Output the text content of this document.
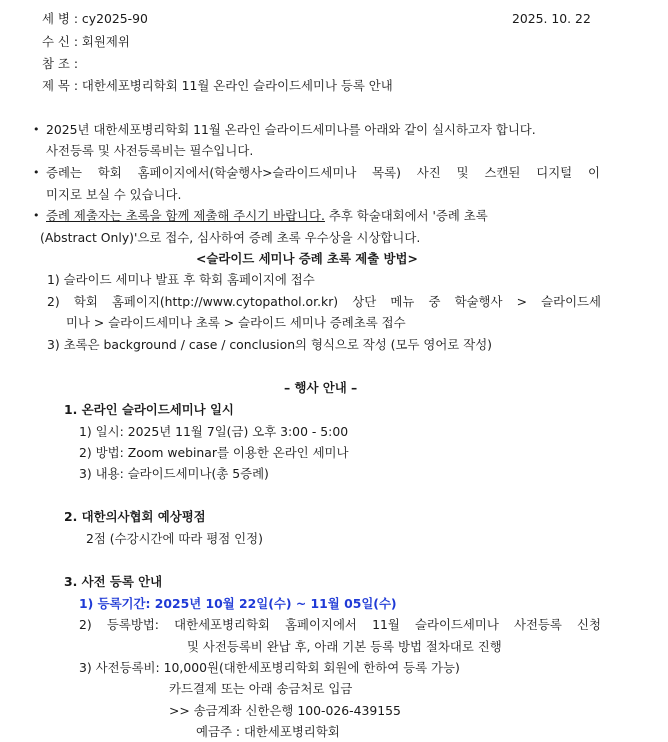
세 병 : cy2025-90	2025. 10. 22
수 신 : 회원제위
참 조 :
제 목 : 대한세포병리학회 11월 온라인 슬라이드세미나 등록 안내
• 2025년 대한세포병리학회 11월 온라인 슬라이드세미나를 아래와 같이 실시하고자 합니다.
사전등록 및 사전등록비는 필수입니다.
• 증례는 학회 홈페이지에서(학술행사>슬라이드세미나 목록) 사진 및 스캔된 디지털 이
미지로 보실 수 있습니다.
• 증례 제출자는 초록을 함께 제출해 주시기 바랍니다. 추후 학술대회에서 '증례 초록
(Abstract Only)'으로 접수, 심사하여 증례 초록 우수상을 시상합니다.
<슬라이드 세미나 증례 초록 제출 방법>
1) 슬라이드 세미나 발표 후 학회 홈페이지에 접수
2) 학회 홈페이지(http://www.cytopathol.or.kr) 상단 메뉴 중 학술행사 > 슬라이드세
미나 > 슬라이드세미나 초록 > 슬라이드 세미나 증례초록 접수
3) 초록은 background / case / conclusion의 형식으로 작성 (모두 영어로 작성)
– 행사 안내 –
1. 온라인 슬라이드세미나 일시
1) 일시: 2025년 11월 7일(금) 오후 3:00 - 5:00
2) 방법: Zoom webinar를 이용한 온라인 세미나
3) 내용: 슬라이드세미나(총 5증례)
2. 대한의사협회 예상평점
2점 (수강시간에 따라 평점 인정)
3. 사전 등록 안내
1) 등록기간: 2025년 10월 22일(수) ~ 11월 05일(수)
2) 등록방법: 대한세포병리학회 홈페이지에서 11월 슬라이드세미나 사전등록 신청
및 사전등록비 완납 후, 아래 기본 등록 방법 절차대로 진행
3) 사전등록비: 10,000원(대한세포병리학회 회원에 한하여 등록 가능)
카드결제 또는 아래 송금처로 입금
>> 송금계좌 신한은행 100-026-439155
예금주 : 대한세포병리학회
